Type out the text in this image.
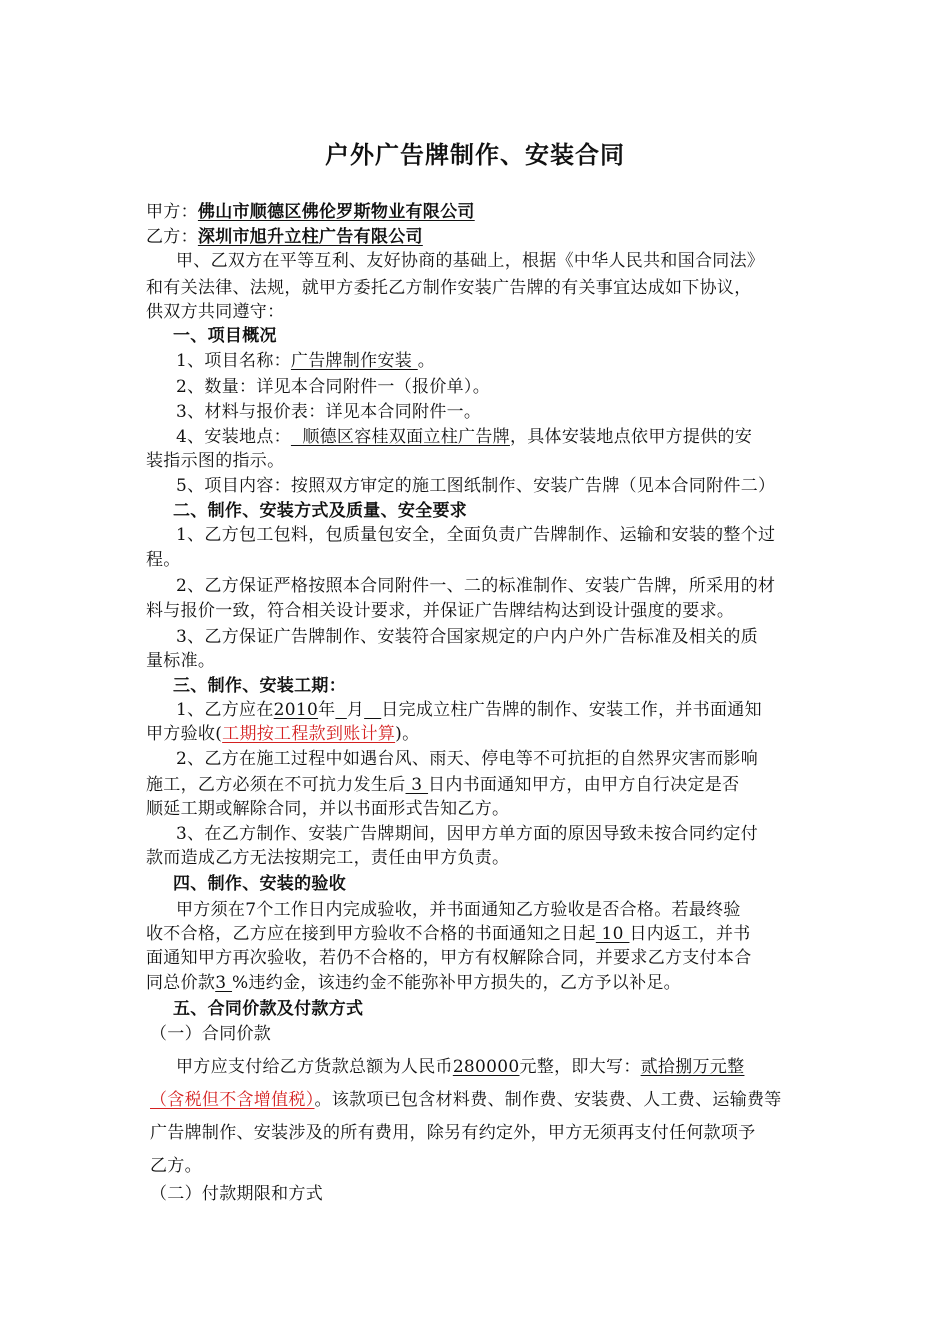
户外广告牌制作、安装合同
甲方：佛山市顺德区佛伦罗斯物业有限公司
乙方：深圳市旭升立柱广告有限公司
甲、乙双方在平等互利、友好协商的基础上，根据《中华人民共和国合同法》
和有关法律、法规，就甲方委托乙方制作安装广告牌的有关事宜达成如下协议，
供双方共同遵守：
一、项目概况
1、项目名称：广告牌制作安装 。
2、数量：详见本合同附件一（报价单）。
3、材料与报价表：详见本合同附件一。
4、安装地点：  顺德区容桂双面立柱广告牌，具体安装地点依甲方提供的安
装指示图的指示。
5、项目内容：按照双方审定的施工图纸制作、安装广告牌（见本合同附件二）
二、制作、安装方式及质量、安全要求
1、乙方包工包料，包质量包安全，全面负责广告牌制作、运输和安装的整个过
程。
2、乙方保证严格按照本合同附件一、二的标准制作、安装广告牌，所采用的材
料与报价一致，符合相关设计要求，并保证广告牌结构达到设计强度的要求。
3、乙方保证广告牌制作、安装符合国家规定的户内户外广告标准及相关的质
量标准。
三、制作、安装工期：
1、乙方应在2010年 月 日完成立柱广告牌的制作、安装工作，并书面通知
甲方验收(工期按工程款到账计算)。
2、乙方在施工过程中如遇台风、雨天、停电等不可抗拒的自然界灾害而影响
施工，乙方必须在不可抗力发生后 3 日内书面通知甲方，由甲方自行决定是否
顺延工期或解除合同，并以书面形式告知乙方。
3、在乙方制作、安装广告牌期间，因甲方单方面的原因导致未按合同约定付
款而造成乙方无法按期完工，责任由甲方负责。
四、制作、安装的验收
甲方须在7个工作日内完成验收，并书面通知乙方验收是否合格。若最终验
收不合格，乙方应在接到甲方验收不合格的书面通知之日起 10 日内返工，并书
面通知甲方再次验收，若仍不合格的，甲方有权解除合同，并要求乙方支付本合
同总价款3 %违约金，该违约金不能弥补甲方损失的，乙方予以补足。
五、合同价款及付款方式
（一）合同价款
甲方应支付给乙方货款总额为人民币280000元整，即大写：贰拾捌万元整
（含税但不含增值税）。该款项已包含材料费、制作费、安装费、人工费、运输费等
广告牌制作、安装涉及的所有费用，除另有约定外，甲方无须再支付任何款项予
乙方。
（二）付款期限和方式
